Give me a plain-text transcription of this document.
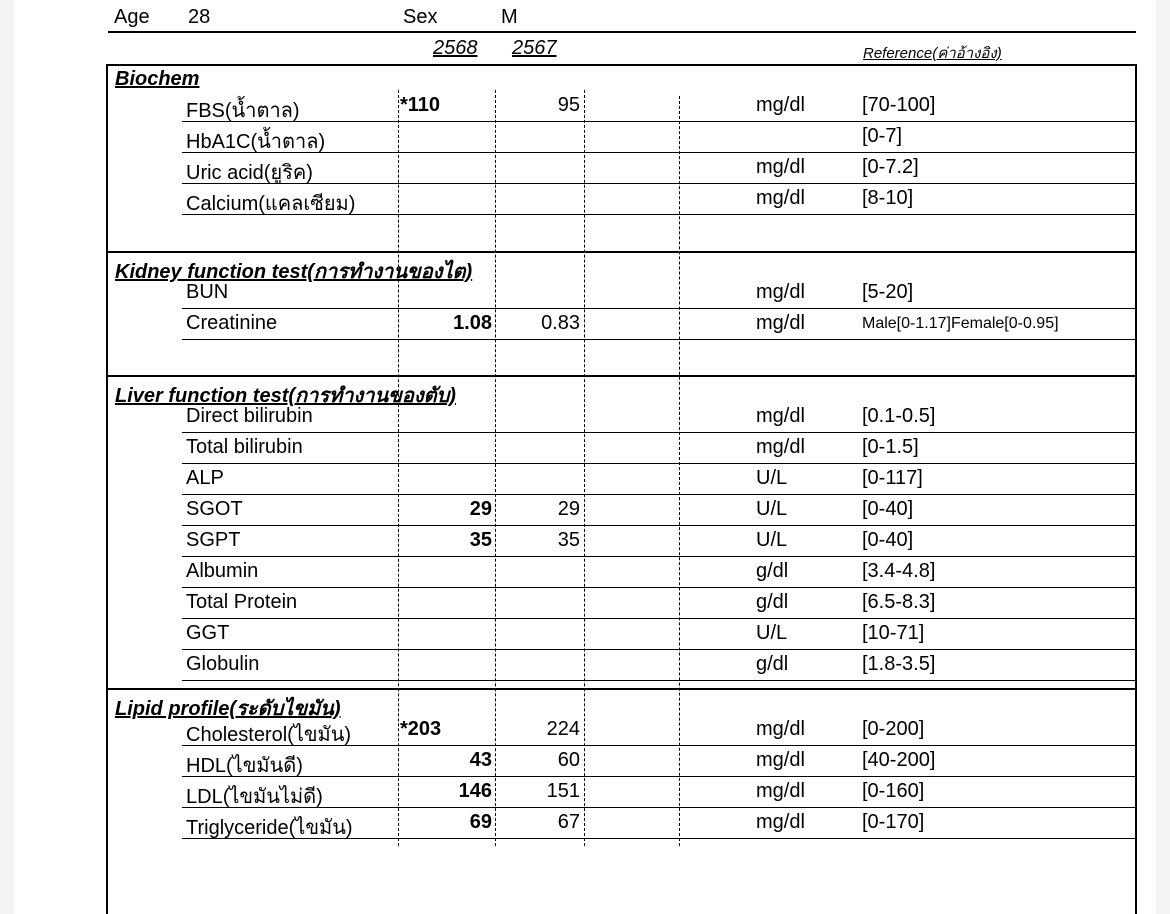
Age 28	Sex	M
2568 2567	Reference(ค่าอ้างอิง)
Biochem
FBS(น้ำตาล)	*110	95	mg/dl	[70-100]
HbA1C(น้ำตาล)	[0-7]
Uric acid(ยูริค)	mg/dl	[0-7.2]
Calcium(แคลเซียม)	mg/dl	[8-10]
Kidney function test(การทำงานของไต)
BUN	mg/dl	[5-20]
Creatinine	1.08	0.83	mg/dl	Male[0-1.17]Female[0-0.95]
Liver function test(การทำงานของตับ)
Direct bilirubin	mg/dl	[0.1-0.5]
Total bilirubin	mg/dl	[0-1.5]
ALP	U/L	[0-117]
SGOT	29	29	U/L	[0-40]
SGPT	35	35	U/L	[0-40]
Albumin	g/dl	[3.4-4.8]
Total Protein	g/dl	[6.5-8.3]
GGT	U/L	[10-71]
Globulin	g/dl	[1.8-3.5]
Lipid profile(ระดับไขมัน)
Cholesterol(ไขมัน) *203	224	mg/dl	[0-200]
HDL(ไขมันดี)	43	60	mg/dl	[40-200]
LDL(ไขมันไม่ดี)	146	151	mg/dl	[0-160]
Triglyceride(ไขมัน)	69	67	mg/dl	[0-170]
